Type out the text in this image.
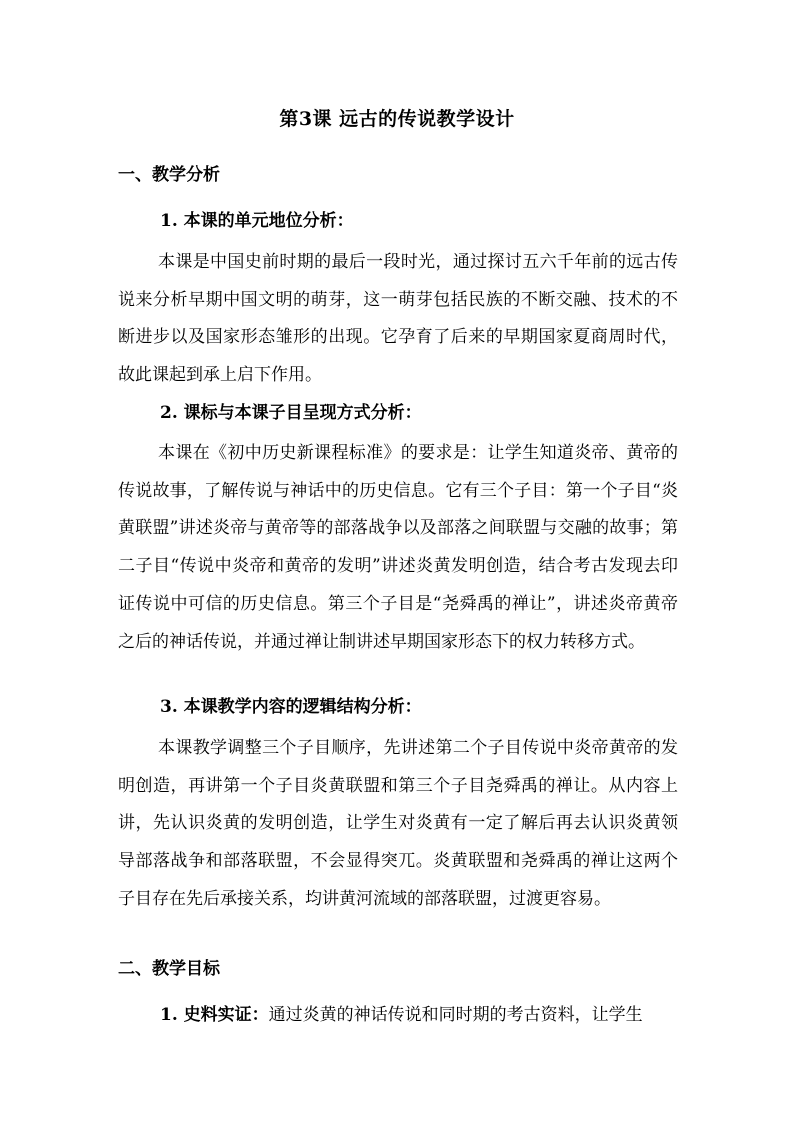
第3课 远古的传说教学设计
一、教学分析
1. 本课的单元地位分析：

本课是中国史前时期的最后一段时光，通过探讨五六千年前的远古传说来分析早期中国文明的萌芽，这一萌芽包括民族的不断交融、技术的不断进步以及国家形态雏形的出现。它孕育了后来的早期国家夏商周时代，故此课起到承上启下作用。

2. 课标与本课子目呈现方式分析：

本课在《初中历史新课程标准》的要求是：让学生知道炎帝、黄帝的传说故事，了解传说与神话中的历史信息。它有三个子目：第一个子目“炎黄联盟”讲述炎帝与黄帝等的部落战争以及部落之间联盟与交融的故事；第二子目“传说中炎帝和黄帝的发明”讲述炎黄发明创造，结合考古发现去印证传说中可信的历史信息。第三个子目是“尧舜禹的禅让”，讲述炎帝黄帝之后的神话传说，并通过禅让制讲述早期国家形态下的权力转移方式。

3. 本课教学内容的逻辑结构分析：

本课教学调整三个子目顺序，先讲述第二个子目传说中炎帝黄帝的发明创造，再讲第一个子目炎黄联盟和第三个子目尧舜禹的禅让。从内容上讲，先认识炎黄的发明创造，让学生对炎黄有一定了解后再去认识炎黄领导部落战争和部落联盟，不会显得突兀。炎黄联盟和尧舜禹的禅让这两个子目存在先后承接关系，均讲黄河流域的部落联盟，过渡更容易。

二、教学目标
1. 史料实证：通过炎黄的神话传说和同时期的考古资料，让学生
